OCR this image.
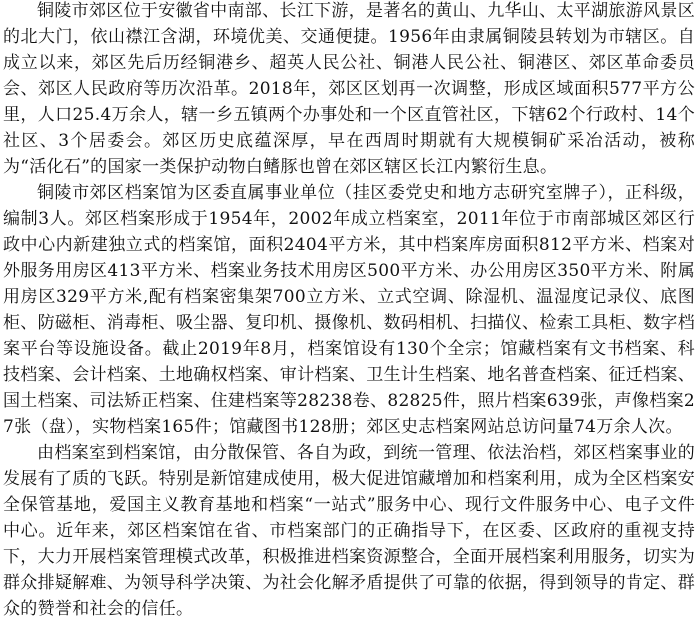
铜陵市郊区位于安徽省中南部、长江下游，是著名的黄山、九华山、太平湖旅游风景区的北大门，依山襟江含湖，环境优美、交通便捷。1956年由隶属铜陵县转划为市辖区。自成立以来，郊区先后历经铜港乡、超英人民公社、铜港人民公社、铜港区、郊区革命委员会、郊区人民政府等历次沿革。2018年，郊区区划再一次调整，形成区域面积577平方公里，人口25.4万余人，辖一乡五镇两个办事处和一个区直管社区，下辖62个行政村、14个社区、3个居委会。郊区历史底蕴深厚，早在西周时期就有大规模铜矿采冶活动，被称为“活化石”的国家一类保护动物白鳍豚也曾在郊区辖区长江内繁衍生息。

铜陵市郊区档案馆为区委直属事业单位（挂区委党史和地方志研究室牌子），正科级，编制3人。郊区档案形成于1954年，2002年成立档案室，2011年位于市南部城区郊区行政中心内新建独立式的档案馆，面积2404平方米，其中档案库房面积812平方米、档案对外服务用房区413平方米、档案业务技术用房区500平方米、办公用房区350平方米、附属用房区329平方米,配有档案密集架700立方米、立式空调、除湿机、温湿度记录仪、底图柜、防磁柜、消毒柜、吸尘器、复印机、摄像机、数码相机、扫描仪、检索工具柜、数字档案平台等设施设备。截止2019年8月，档案馆设有130个全宗；馆藏档案有文书档案、科技档案、会计档案、土地确权档案、审计档案、卫生计生档案、地名普查档案、征迁档案、国土档案、司法矫正档案、住建档案等28238卷、82825件，照片档案639张，声像档案27张（盘），实物档案165件；馆藏图书128册；郊区史志档案网站总访问量74万余人次。

由档案室到档案馆，由分散保管、各自为政，到统一管理、依法治档，郊区档案事业的发展有了质的飞跃。特别是新馆建成使用，极大促进馆藏增加和档案利用，成为全区档案安全保管基地，爱国主义教育基地和档案“一站式”服务中心、现行文件服务中心、电子文件中心。近年来，郊区档案馆在省、市档案部门的正确指导下，在区委、区政府的重视支持下，大力开展档案管理模式改革，积极推进档案资源整合，全面开展档案利用服务，切实为群众排疑解难、为领导科学决策、为社会化解矛盾提供了可靠的依据，得到领导的肯定、群众的赞誉和社会的信任。
